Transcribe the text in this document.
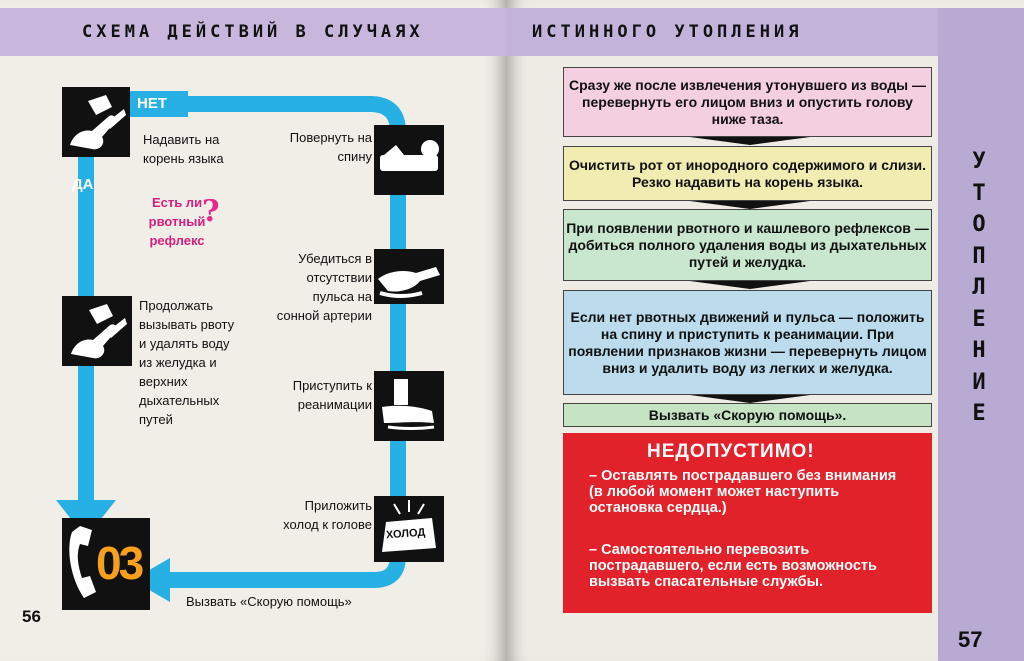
СХЕМА ДЕЙСТВИЙ В СЛУЧАЯХ
НЕТ
ДА
Надавить на корень языка
Есть ли рвотный рефлекс
?
Повернуть на спину
Убедиться в отсутствии пульса на сонной артерии
Продолжать вызывать рвоту и удалять воду из желудка и верхних дыхательных путей
Приступить к реанимации
ХОЛОД
Приложить холод к голове
03
Вызвать «Скорую помощь»
56
ИСТИННОГО УТОПЛЕНИЯ
УТОПЛЕНИЕ
Сразу же после извлечения утонувшего из воды — перевернуть его лицом вниз и опустить голову ниже таза.
Очистить рот от инородного содержимого и слизи. Резко надавить на корень языка.
При появлении рвотного и кашлевого рефлексов — добиться полного удаления воды из дыхательных путей и желудка.
Если нет рвотных движений и пульса — положить на спину и приступить к реанимации. При появлении признаков жизни — перевернуть лицом вниз и удалить воду из легких и желудка.
Вызвать «Скорую помощь».
НЕДОПУСТИМО!
– Оставлять пострадавшего без внимания (в любой момент может наступить остановка сердца.)
– Самостоятельно перевозить пострадавшего, если есть возможность вызвать спасательные службы.
57
